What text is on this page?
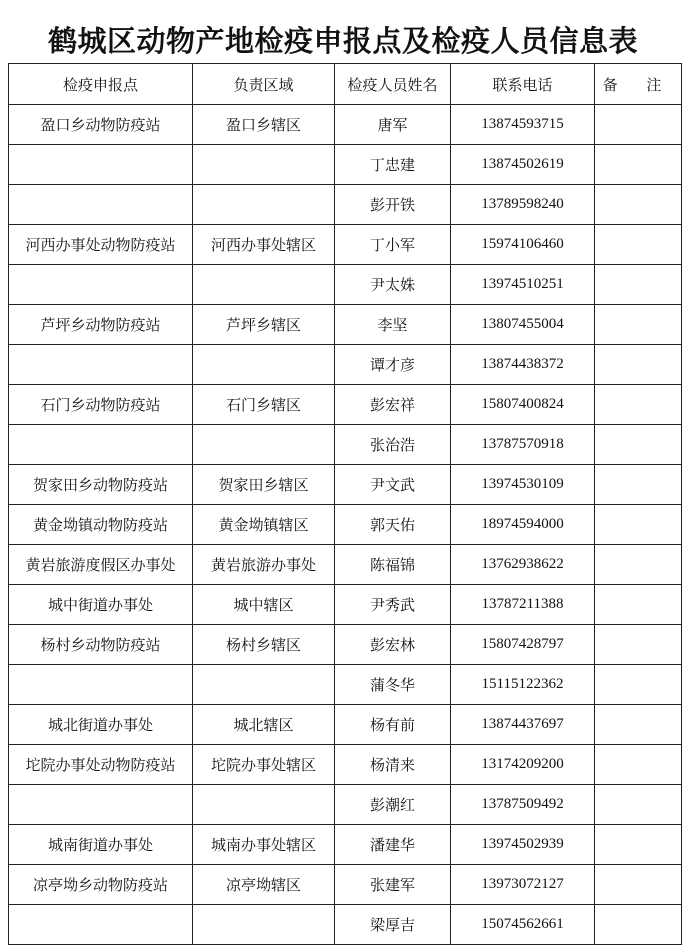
鹤城区动物产地检疫申报点及检疫人员信息表
检疫申报点	负责区域	检疫人员姓名	联系电话	备 注
盈口乡动物防疫站	盈口乡辖区	唐军	13874593715	
		丁忠建	13874502619	
		彭开铁	13789598240	
河西办事处动物防疫站	河西办事处辖区	丁小军	15974106460	
		尹太姝	13974510251	
芦坪乡动物防疫站	芦坪乡辖区	李坚	13807455004	
		谭才彦	13874438372	
石门乡动物防疫站	石门乡辖区	彭宏祥	15807400824	
		张治浩	13787570918	
贺家田乡动物防疫站	贺家田乡辖区	尹文武	13974530109	
黄金坳镇动物防疫站	黄金坳镇辖区	郭天佑	18974594000	
黄岩旅游度假区办事处	黄岩旅游办事处	陈福锦	13762938622	
城中街道办事处	城中辖区	尹秀武	13787211388	
杨村乡动物防疫站	杨村乡辖区	彭宏林	15807428797	
		蒲冬华	15115122362	
城北街道办事处	城北辖区	杨有前	13874437697	
坨院办事处动物防疫站	坨院办事处辖区	杨清来	13174209200	
		彭潮红	13787509492	
城南街道办事处	城南办事处辖区	潘建华	13974502939	
凉亭坳乡动物防疫站	凉亭坳辖区	张建军	13973072127	
		梁厚吉	15074562661	
